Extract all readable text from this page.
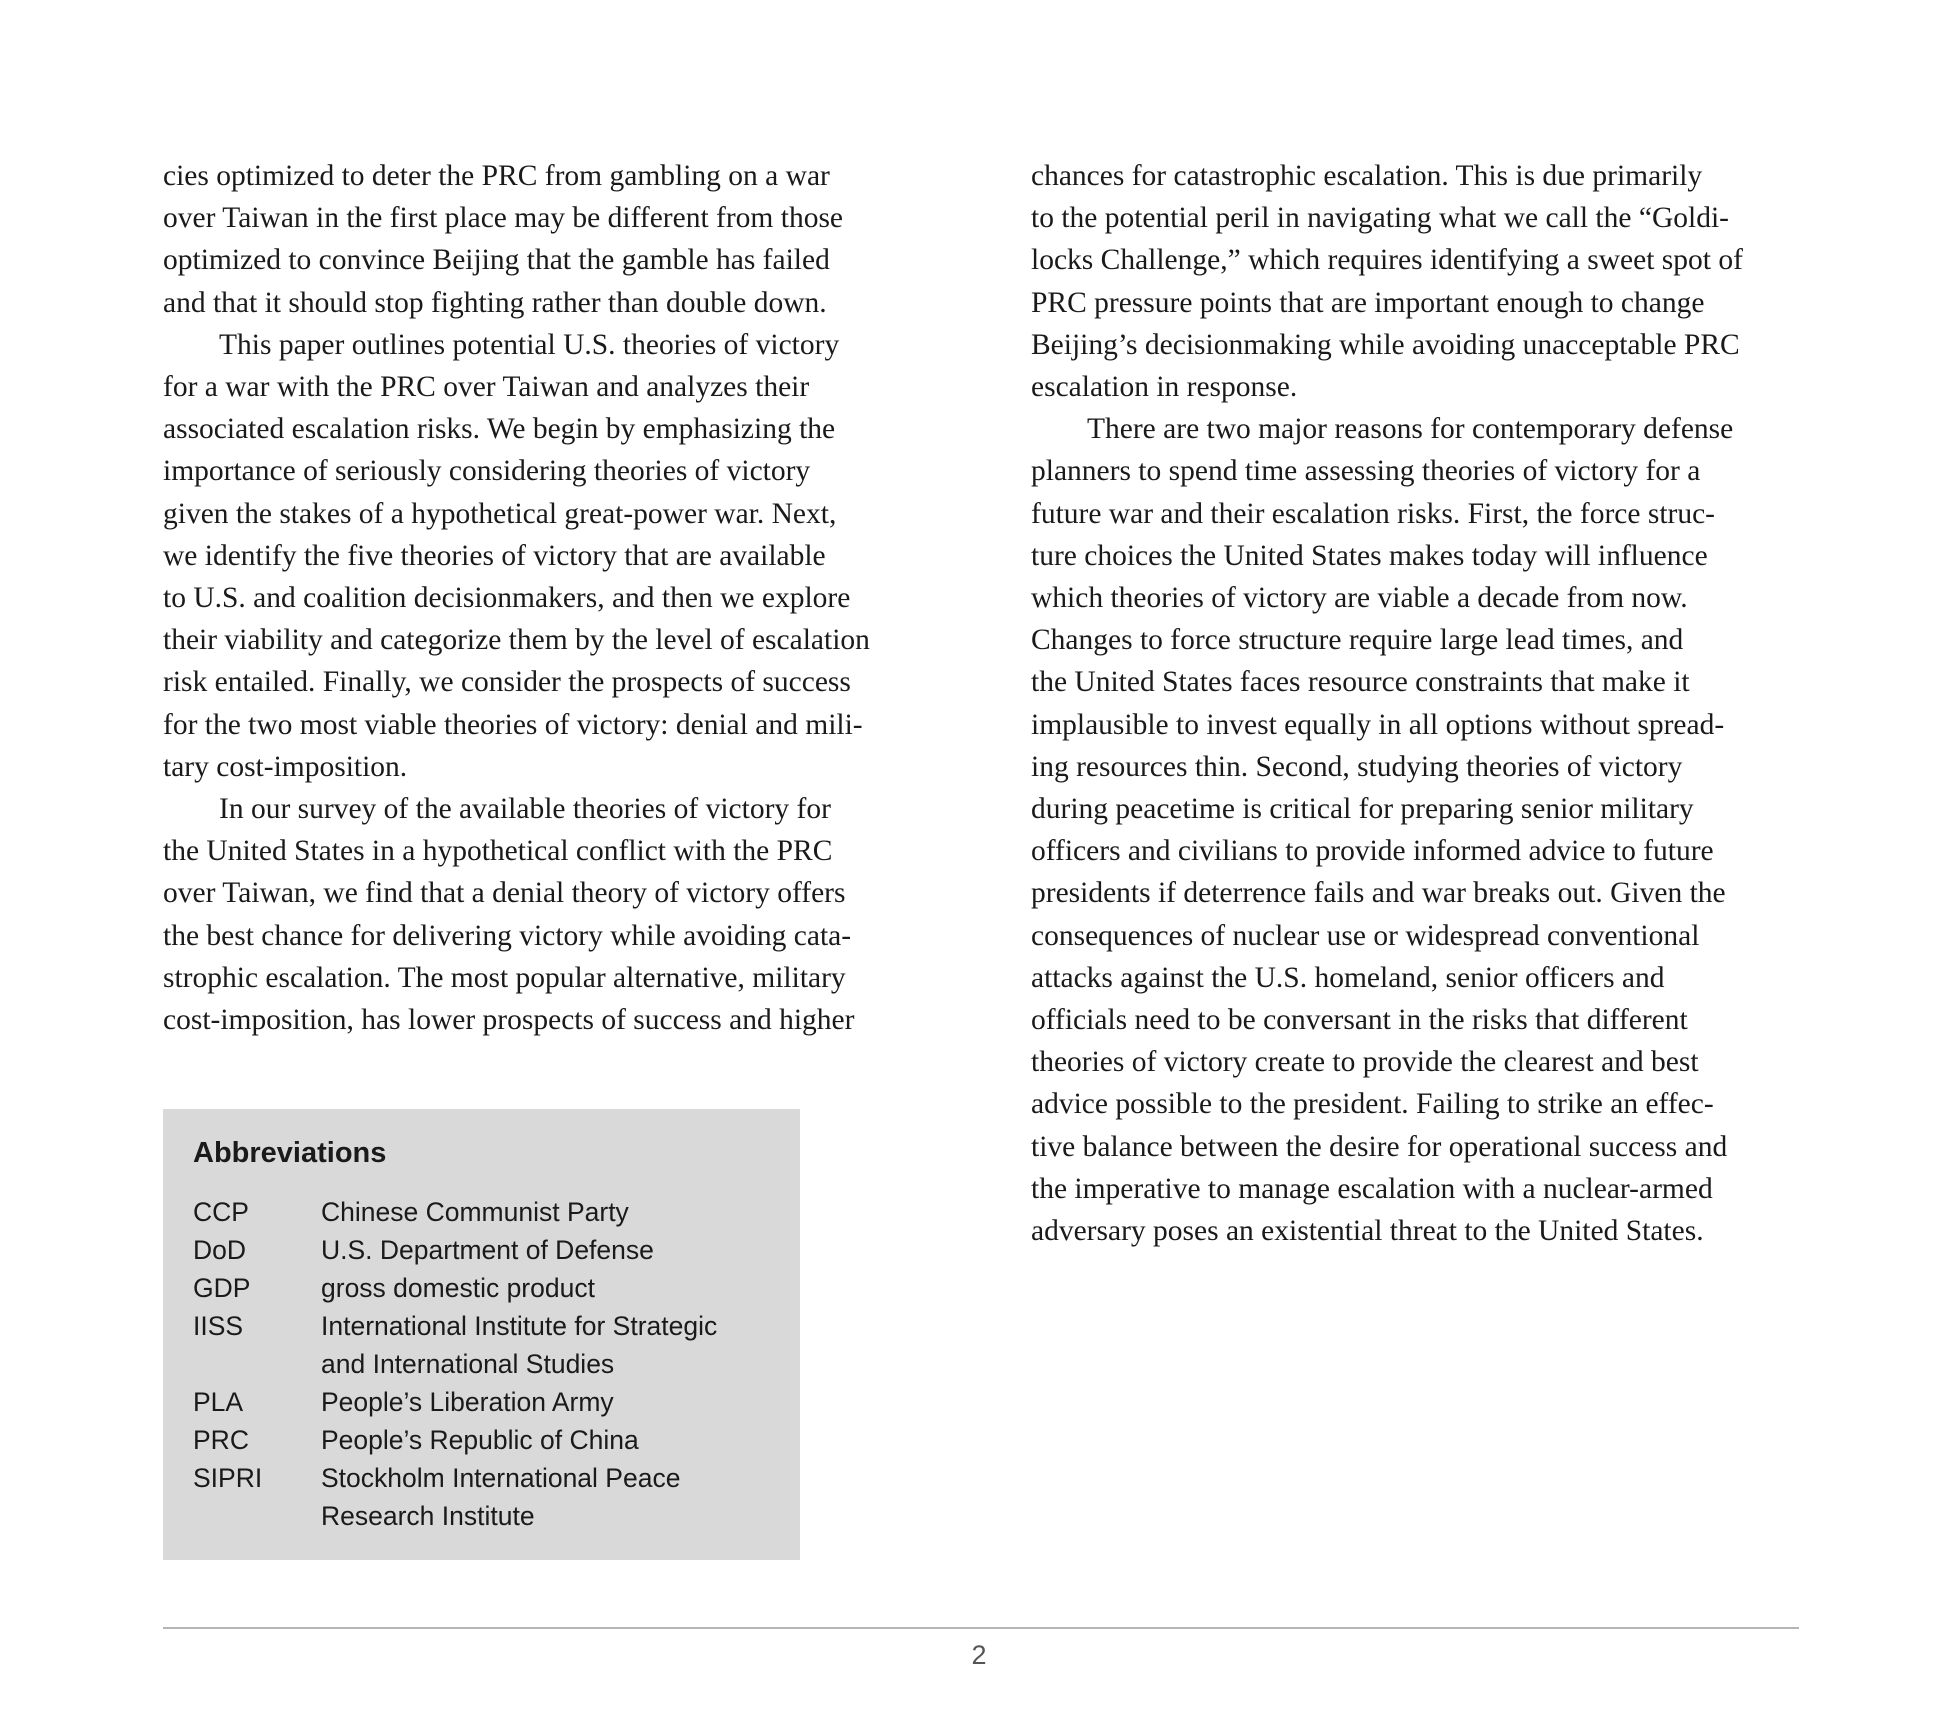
cies optimized to deter the PRC from gambling on a war
over Taiwan in the first place may be different from those
optimized to convince Beijing that the gamble has failed
and that it should stop fighting rather than double down.
This paper outlines potential U.S. theories of victory
for a war with the PRC over Taiwan and analyzes their
associated escalation risks. We begin by emphasizing the
importance of seriously considering theories of victory
given the stakes of a hypothetical great-power war. Next,
we identify the five theories of victory that are available
to U.S. and coalition decisionmakers, and then we explore
their viability and categorize them by the level of escalation
risk entailed. Finally, we consider the prospects of success
for the two most viable theories of victory: denial and mili-
tary cost-imposition.
In our survey of the available theories of victory for
the United States in a hypothetical conflict with the PRC
over Taiwan, we find that a denial theory of victory offers
the best chance for delivering victory while avoiding cata-
strophic escalation. The most popular alternative, military
cost-imposition, has lower prospects of success and higher
chances for catastrophic escalation. This is due primarily
to the potential peril in navigating what we call the “Goldi-
locks Challenge,” which requires identifying a sweet spot of
PRC pressure points that are important enough to change
Beijing’s decisionmaking while avoiding unacceptable PRC
escalation in response.
There are two major reasons for contemporary defense
planners to spend time assessing theories of victory for a
future war and their escalation risks. First, the force struc-
ture choices the United States makes today will influence
which theories of victory are viable a decade from now.
Changes to force structure require large lead times, and
the United States faces resource constraints that make it
implausible to invest equally in all options without spread-
ing resources thin. Second, studying theories of victory
during peacetime is critical for preparing senior military
officers and civilians to provide informed advice to future
presidents if deterrence fails and war breaks out. Given the
consequences of nuclear use or widespread conventional
attacks against the U.S. homeland, senior officers and
officials need to be conversant in the risks that different
theories of victory create to provide the clearest and best
advice possible to the president. Failing to strike an effec-
tive balance between the desire for operational success and
the imperative to manage escalation with a nuclear-armed
adversary poses an existential threat to the United States.
Abbreviations
CCP	Chinese Communist Party
DoD	U.S. Department of Defense
GDP	gross domestic product
IISS	International Institute for Strategic
and International Studies

PLA	People’s Liberation Army
PRC	People’s Republic of China
SIPRI	Stockholm International Peace
Research Institute
2
